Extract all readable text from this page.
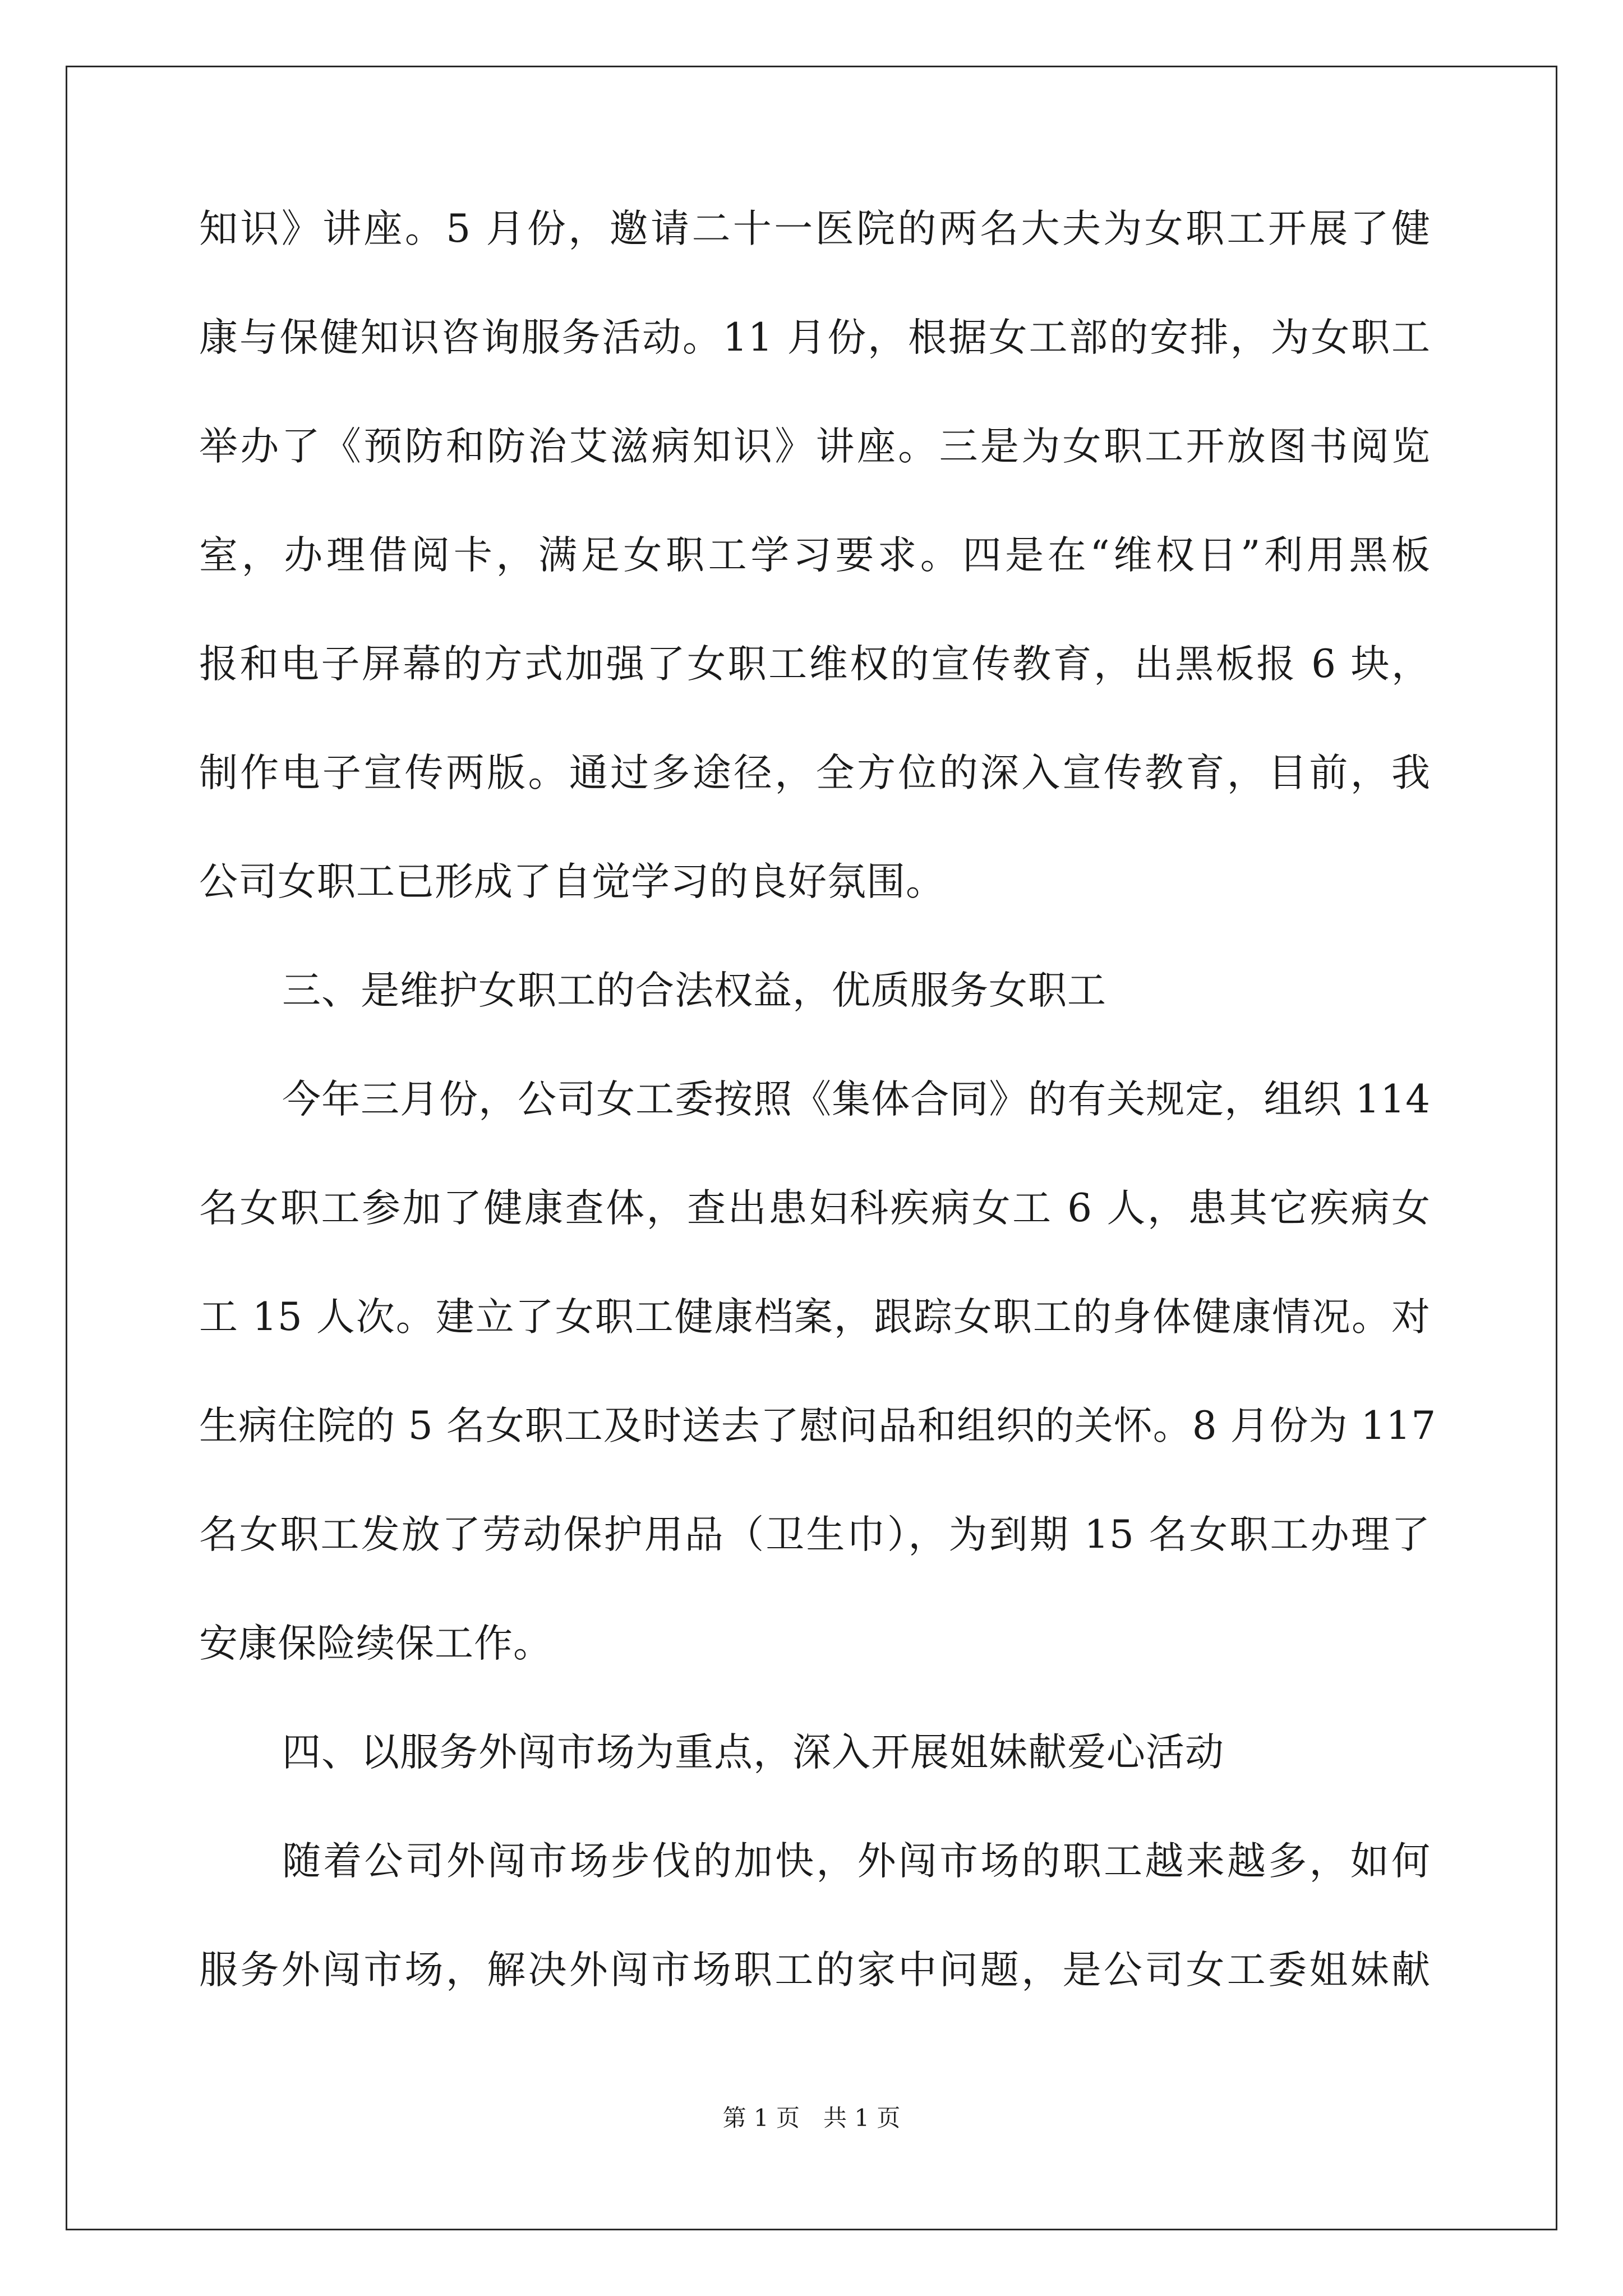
知识》讲座。5 月份，邀请二十一医院的两名大夫为女职工开展了健
康与保健知识咨询服务活动。11 月份，根据女工部的安排，为女职工
举办了《预防和防治艾滋病知识》讲座。三是为女职工开放图书阅览
室，办理借阅卡，满足女职工学习要求。四是在“维权日”利用黑板
报和电子屏幕的方式加强了女职工维权的宣传教育，出黑板报 6 块，
制作电子宣传两版。通过多途径，全方位的深入宣传教育，目前，我
公司女职工已形成了自觉学习的良好氛围。
三、是维护女职工的合法权益，优质服务女职工
今年三月份，公司女工委按照《集体合同》的有关规定，组织 114
名女职工参加了健康查体，查出患妇科疾病女工 6 人，患其它疾病女
工 15 人次。建立了女职工健康档案，跟踪女职工的身体健康情况。对
生病住院的 5 名女职工及时送去了慰问品和组织的关怀。8 月份为 117
名女职工发放了劳动保护用品（卫生巾），为到期 15 名女职工办理了
安康保险续保工作。
四、以服务外闯市场为重点，深入开展姐妹献爱心活动
随着公司外闯市场步伐的加快，外闯市场的职工越来越多，如何
服务外闯市场，解决外闯市场职工的家中问题，是公司女工委姐妹献
第 1 页　共 1 页
